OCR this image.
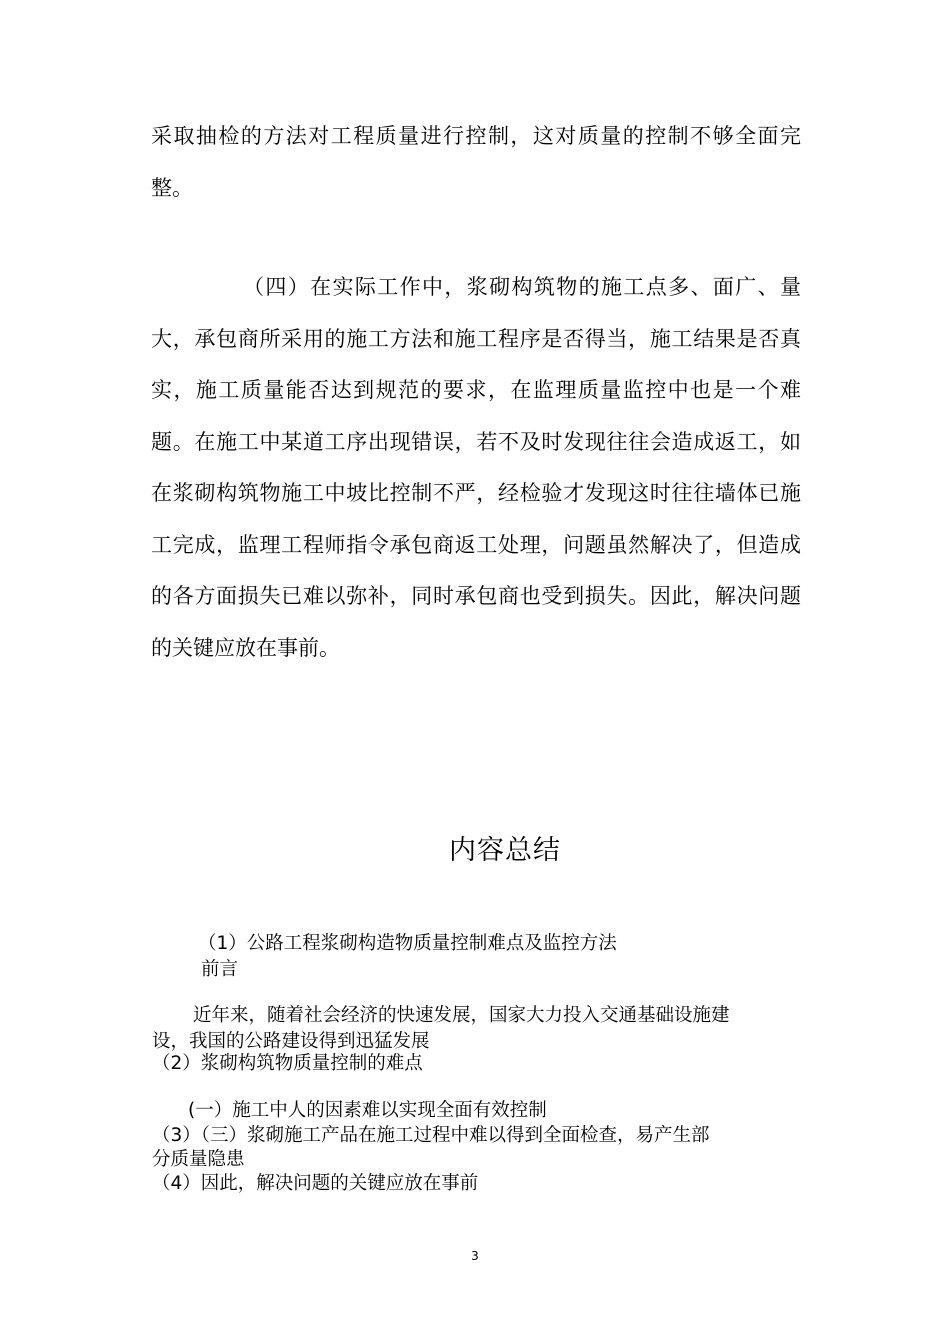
采取抽检的方法对工程质量进行控制，这对质量的控制不够全面完整。
（四）在实际工作中，浆砌构筑物的施工点多、面广、量大，承包商所采用的施工方法和施工程序是否得当，施工结果是否真实，施工质量能否达到规范的要求，在监理质量监控中也是一个难题。在施工中某道工序出现错误，若不及时发现往往会造成返工，如在浆砌构筑物施工中坡比控制不严，经检验才发现这时往往墙体已施工完成，监理工程师指令承包商返工处理，问题虽然解决了，但造成的各方面损失已难以弥补，同时承包商也受到损失。因此，解决问题的关键应放在事前。
内容总结
（1）公路工程浆砌构造物质量控制难点及监控方法
前言
近年来，随着社会经济的快速发展，国家大力投入交通基础设施建
设，我国的公路建设得到迅猛发展
（2）浆砌构筑物质量控制的难点
(一）施工中人的因素难以实现全面有效控制
（3）（三）浆砌施工产品在施工过程中难以得到全面检查，易产生部
分质量隐患
（4）因此，解决问题的关键应放在事前
3
